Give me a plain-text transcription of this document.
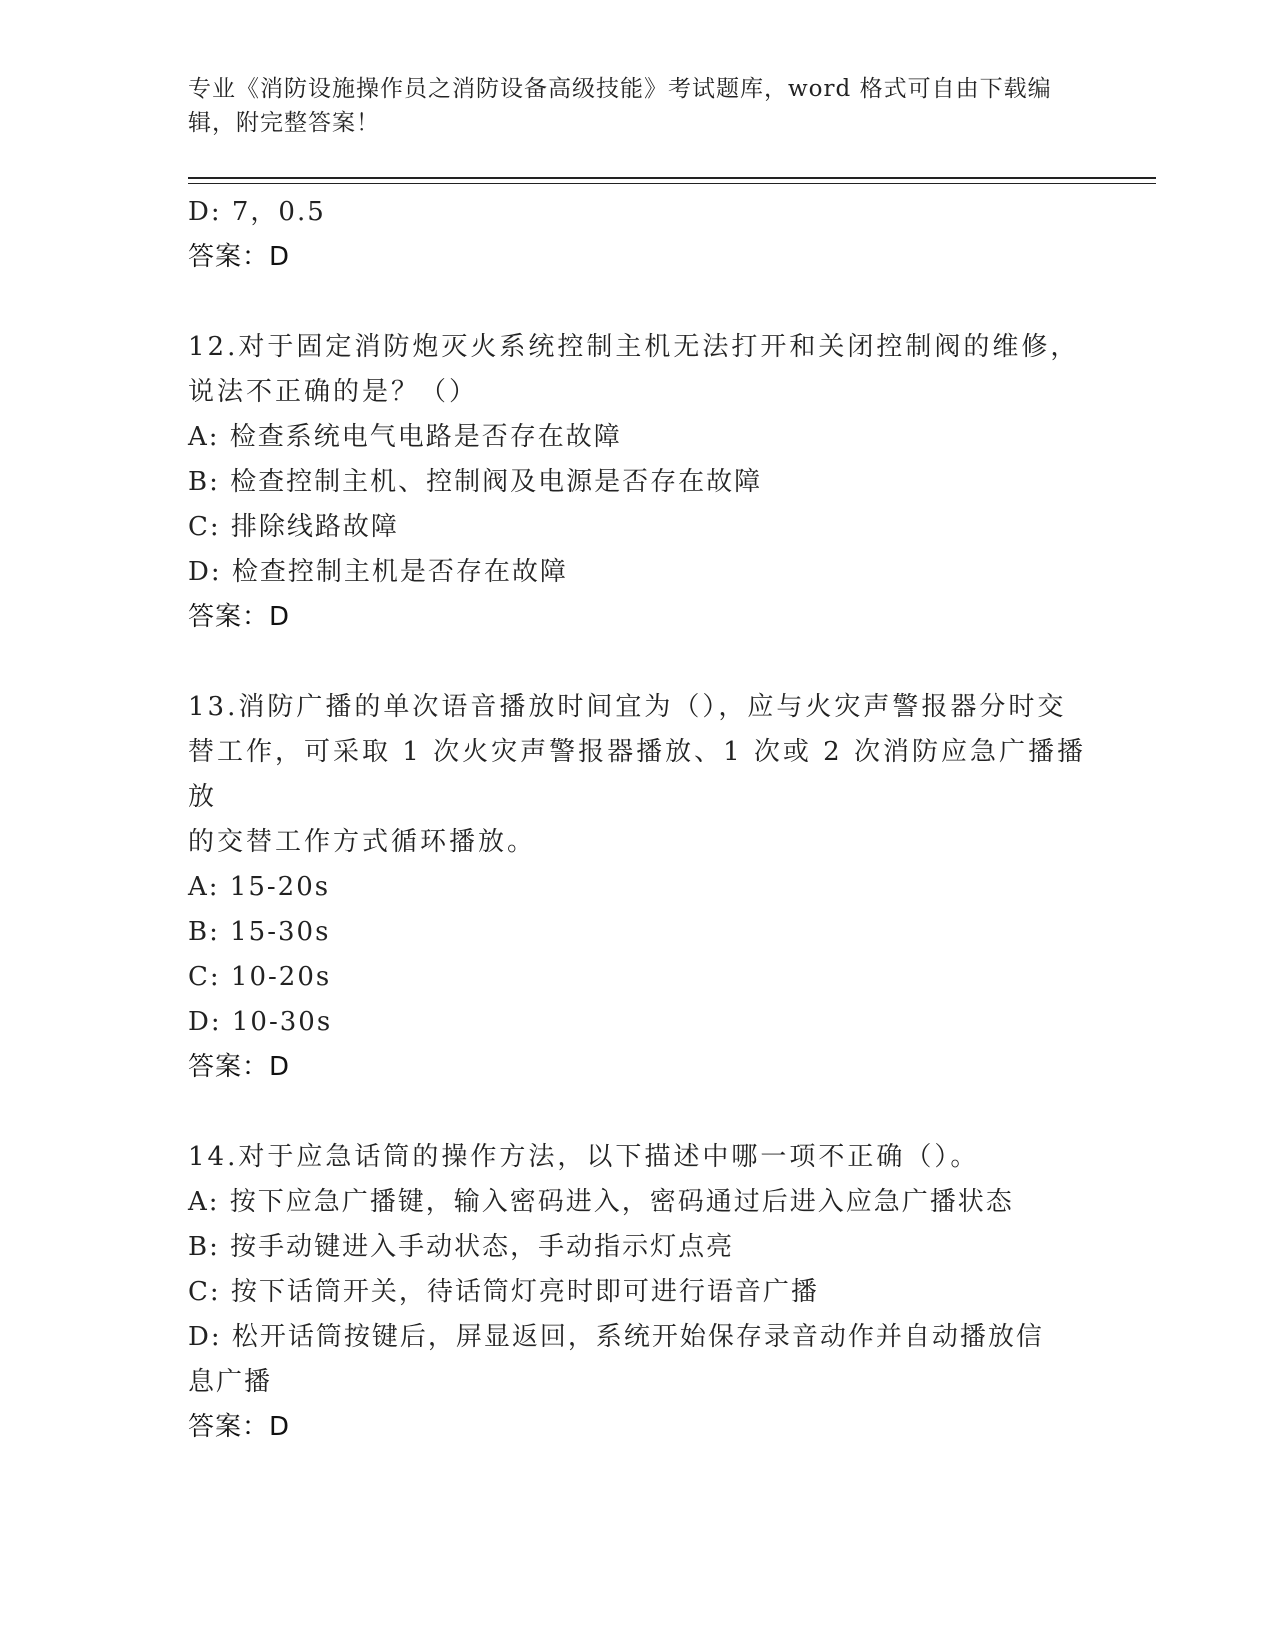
专业《消防设施操作员之消防设备高级技能》考试题库，word 格式可自由下载编
辑，附完整答案！
D: 7，0.5
答案：D
12.对于固定消防炮灭火系统控制主机无法打开和关闭控制阀的维修，
说法不正确的是？（）
A: 检查系统电气电路是否存在故障
B: 检查控制主机、控制阀及电源是否存在故障
C: 排除线路故障
D: 检查控制主机是否存在故障
答案：D
13.消防广播的单次语音播放时间宜为（），应与火灾声警报器分时交
替工作，可采取 1 次火灾声警报器播放、1 次或 2 次消防应急广播播放
的交替工作方式循环播放。
A: 15-20s
B: 15-30s
C: 10-20s
D: 10-30s
答案：D
14.对于应急话筒的操作方法，以下描述中哪一项不正确（）。
A: 按下应急广播键，输入密码进入，密码通过后进入应急广播状态
B: 按手动键进入手动状态，手动指示灯点亮
C: 按下话筒开关，待话筒灯亮时即可进行语音广播
D: 松开话筒按键后，屏显返回，系统开始保存录音动作并自动播放信
息广播
答案：D
